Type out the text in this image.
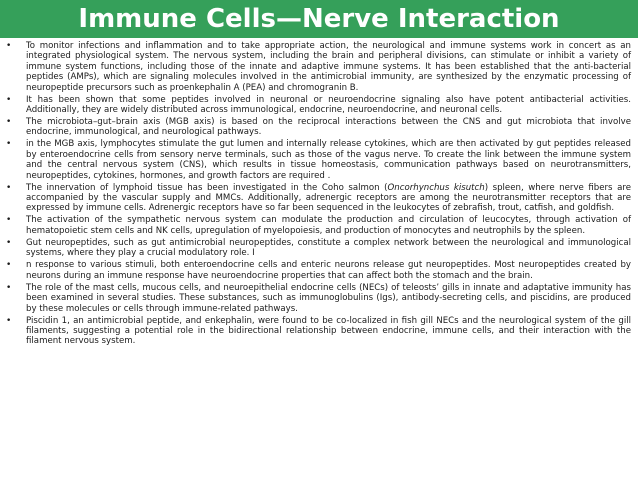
Immune Cells—Nerve Interaction
•	To monitor infections and inflammation and to take appropriate action, the neurological and immune systems work in concert as an integrated physiological system. The nervous system, including the brain and peripheral divisions, can stimulate or inhibit a variety of immune system functions, including those of the innate and adaptive immune systems. It has been established that the anti-bacterial peptides (AMPs), which are signaling molecules involved in the antimicrobial immunity, are synthesized by the enzymatic processing of neuropeptide precursors such as proenkephalin A (PEA) and chromogranin B.
•	It has been shown that some peptides involved in neuronal or neuroendocrine signaling also have potent antibacterial activities. Additionally, they are widely distributed across immunological, endocrine, neuroendocrine, and neuronal cells.
•	The microbiota–gut–brain axis (MGB axis) is based on the reciprocal interactions between the CNS and gut microbiota that involve endocrine, immunological, and neurological pathways.
•	in the MGB axis, lymphocytes stimulate the gut lumen and internally release cytokines, which are then activated by gut peptides released by enteroendocrine cells from sensory nerve terminals, such as those of the vagus nerve. To create the link between the immune system and the central nervous system (CNS), which results in tissue homeostasis, communication pathways based on neurotransmitters, neuropeptides, cytokines, hormones, and growth factors are required .
•	The innervation of lymphoid tissue has been investigated in the Coho salmon (Oncorhynchus kisutch) spleen, where nerve fibers are accompanied by the vascular supply and MMCs. Additionally, adrenergic receptors are among the neurotransmitter receptors that are expressed by immune cells. Adrenergic receptors have so far been sequenced in the leukocytes of zebrafish, trout, catfish, and goldfish.
•	The activation of the sympathetic nervous system can modulate the production and circulation of leucocytes, through activation of hematopoietic stem cells and NK cells, upregulation of myelopoiesis, and production of monocytes and neutrophils by the spleen.
•	Gut neuropeptides, such as gut antimicrobial neuropeptides, constitute a complex network between the neurological and immunological systems, where they play a crucial modulatory role. I
•	n response to various stimuli, both enteroendocrine cells and enteric neurons release gut neuropeptides. Most neuropeptides created by neurons during an immune response have neuroendocrine properties that can affect both the stomach and the brain.
•	The role of the mast cells, mucous cells, and neuroepithelial endocrine cells (NECs) of teleosts’ gills in innate and adaptative immunity has been examined in several studies. These substances, such as immunoglobulins (Igs), antibody-secreting cells, and piscidins, are produced by these molecules or cells through immune-related pathways.
•	Piscidin 1, an antimicrobial peptide, and enkephalin, were found to be co-localized in fish gill NECs and the neurological system of the gill filaments, suggesting a potential role in the bidirectional relationship between endocrine, immune cells, and their interaction with the filament nervous system.
